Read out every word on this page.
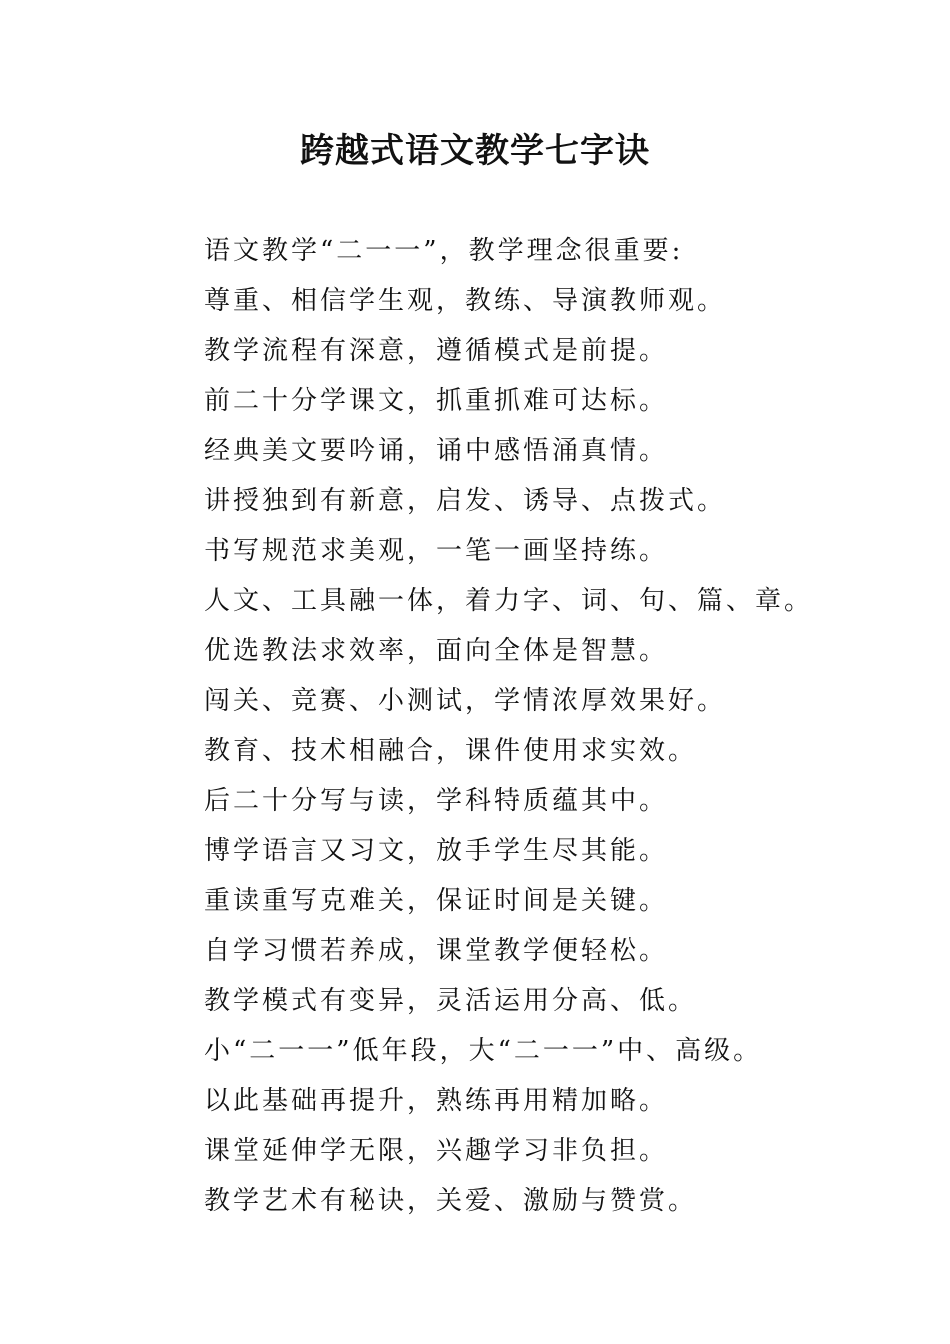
跨越式语文教学七字诀
语文教学“二一一”，教学理念很重要:
尊重、相信学生观，教练、导演教师观。
教学流程有深意，遵循模式是前提。
前二十分学课文，抓重抓难可达标。
经典美文要吟诵，诵中感悟涌真情。
讲授独到有新意，启发、诱导、点拨式。
书写规范求美观，一笔一画坚持练。
人文、工具融一体，着力字、词、句、篇、章。
优选教法求效率，面向全体是智慧。
闯关、竞赛、小测试，学情浓厚效果好。
教育、技术相融合，课件使用求实效。
后二十分写与读，学科特质蕴其中。
博学语言又习文，放手学生尽其能。
重读重写克难关，保证时间是关键。
自学习惯若养成，课堂教学便轻松。
教学模式有变异，灵活运用分高、低。
小“二一一”低年段，大“二一一”中、高级。
以此基础再提升，熟练再用精加略。
课堂延伸学无限，兴趣学习非负担。
教学艺术有秘诀，关爱、激励与赞赏。
